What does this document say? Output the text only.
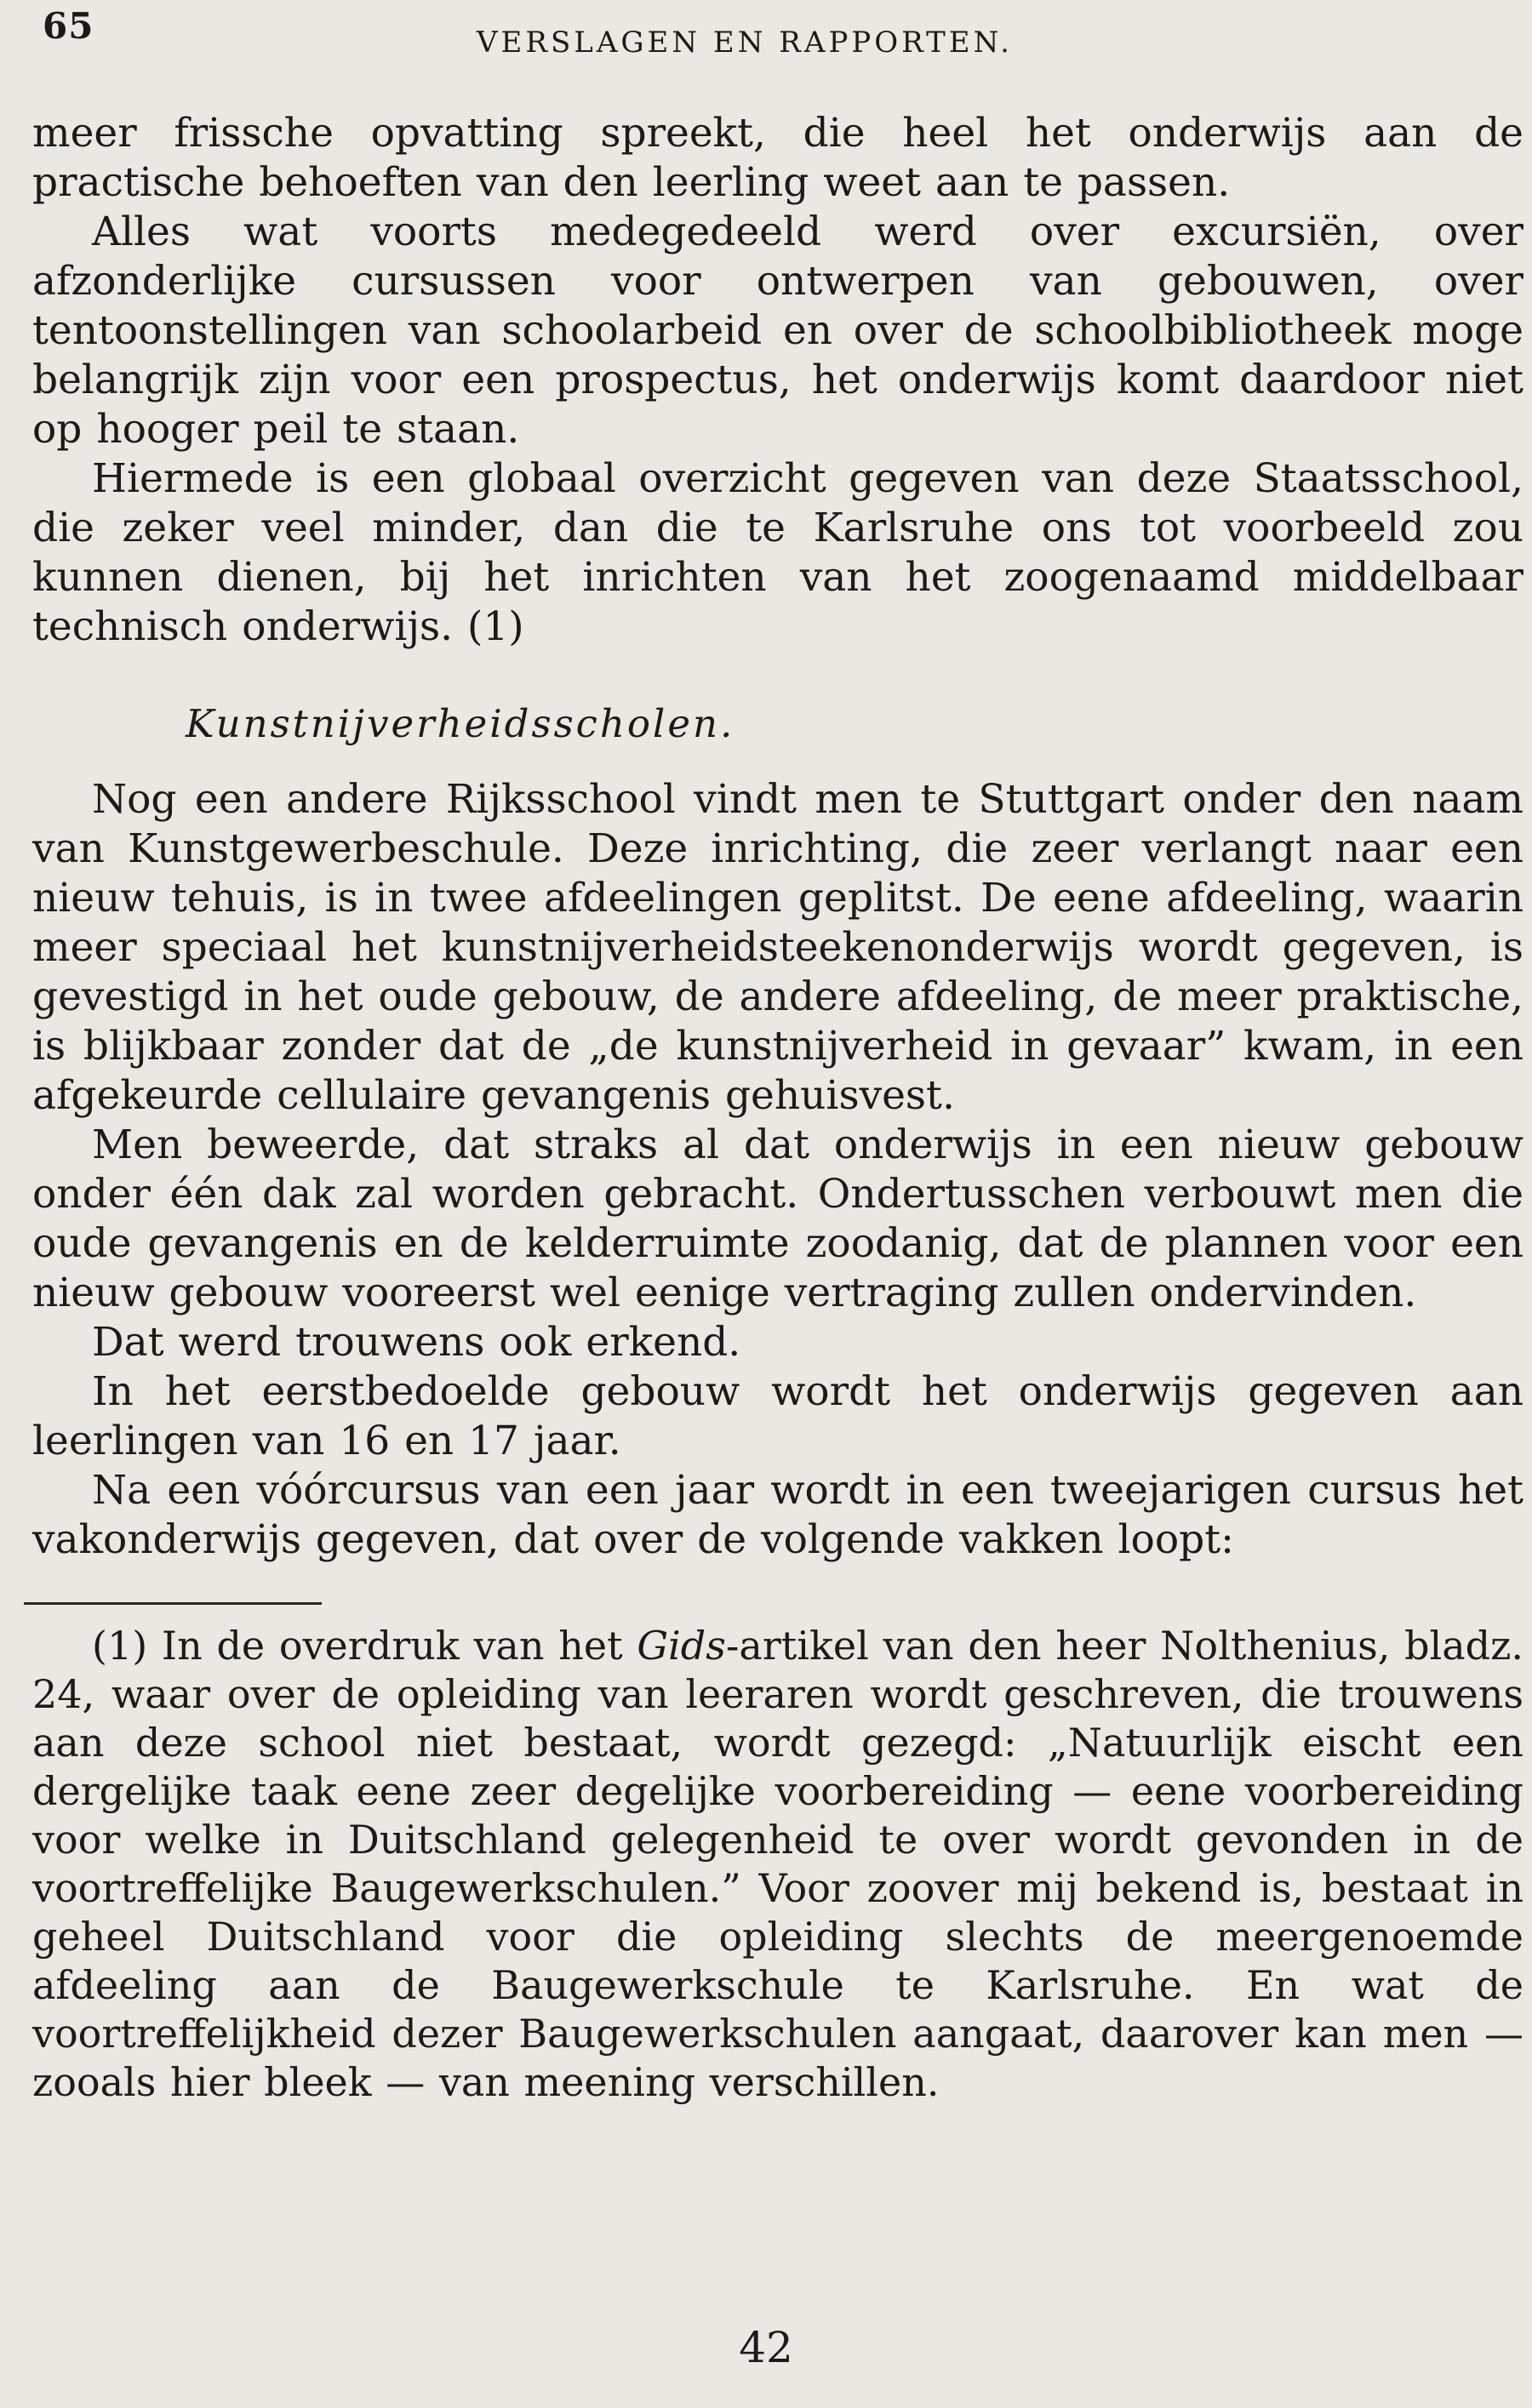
65	VERSLAGEN EN RAPPORTEN.

meer frissche opvatting spreekt, die heel het onderwijs aan de practische behoeften van den leerling weet aan te passen.

Alles wat voorts medegedeeld werd over excursiën, over afzonderlijke cursussen voor ontwerpen van gebouwen, over tentoonstellingen van schoolarbeid en over de schoolbibliotheek moge belangrijk zijn voor een prospectus, het onderwijs komt daardoor niet op hooger peil te staan.

Hiermede is een globaal overzicht gegeven van deze Staatsschool, die zeker veel minder, dan die te Karlsruhe ons tot voorbeeld zou kunnen dienen, bij het inrichten van het zoogenaamd middelbaar technisch onderwijs. (1)

Kunstnijverheidsscholen.

Nog een andere Rijksschool vindt men te Stuttgart onder den naam van Kunstgewerbeschule. Deze inrichting, die zeer verlangt naar een nieuw tehuis, is in twee afdeelingen geplitst. De eene afdeeling, waarin meer speciaal het kunstnijverheidsteekenonderwijs wordt gegeven, is gevestigd in het oude gebouw, de andere afdeeling, de meer praktische, is blijkbaar zonder dat de „de kunstnijverheid in gevaar” kwam, in een afgekeurde cellulaire gevangenis gehuisvest.

Men beweerde, dat straks al dat onderwijs in een nieuw gebouw onder één dak zal worden gebracht. Ondertusschen verbouwt men die oude gevangenis en de kelderruimte zoodanig, dat de plannen voor een nieuw gebouw vooreerst wel eenige vertraging zullen ondervinden.

Dat werd trouwens ook erkend.

In het eerstbedoelde gebouw wordt het onderwijs gegeven aan leerlingen van 16 en 17 jaar.

Na een vóórcursus van een jaar wordt in een tweejarigen cursus het vakonderwijs gegeven, dat over de volgende vakken loopt:

(1) In de overdruk van het Gids-artikel van den heer Nolthenius, bladz. 24, waar over de opleiding van leeraren wordt geschreven, die trouwens aan deze school niet bestaat, wordt gezegd: „Natuurlijk eischt een dergelijke taak eene zeer degelijke voorbereiding — eene voorbereiding voor welke in Duitschland gelegenheid te over wordt gevonden in de voortreffelijke Baugewerkschulen.” Voor zoover mij bekend is, bestaat in geheel Duitschland voor die opleiding slechts de meergenoemde afdeeling aan de Baugewerkschule te Karlsruhe. En wat de voortreffelijkheid dezer Baugewerkschulen aangaat, daarover kan men — zooals hier bleek — van meening verschillen.

42
